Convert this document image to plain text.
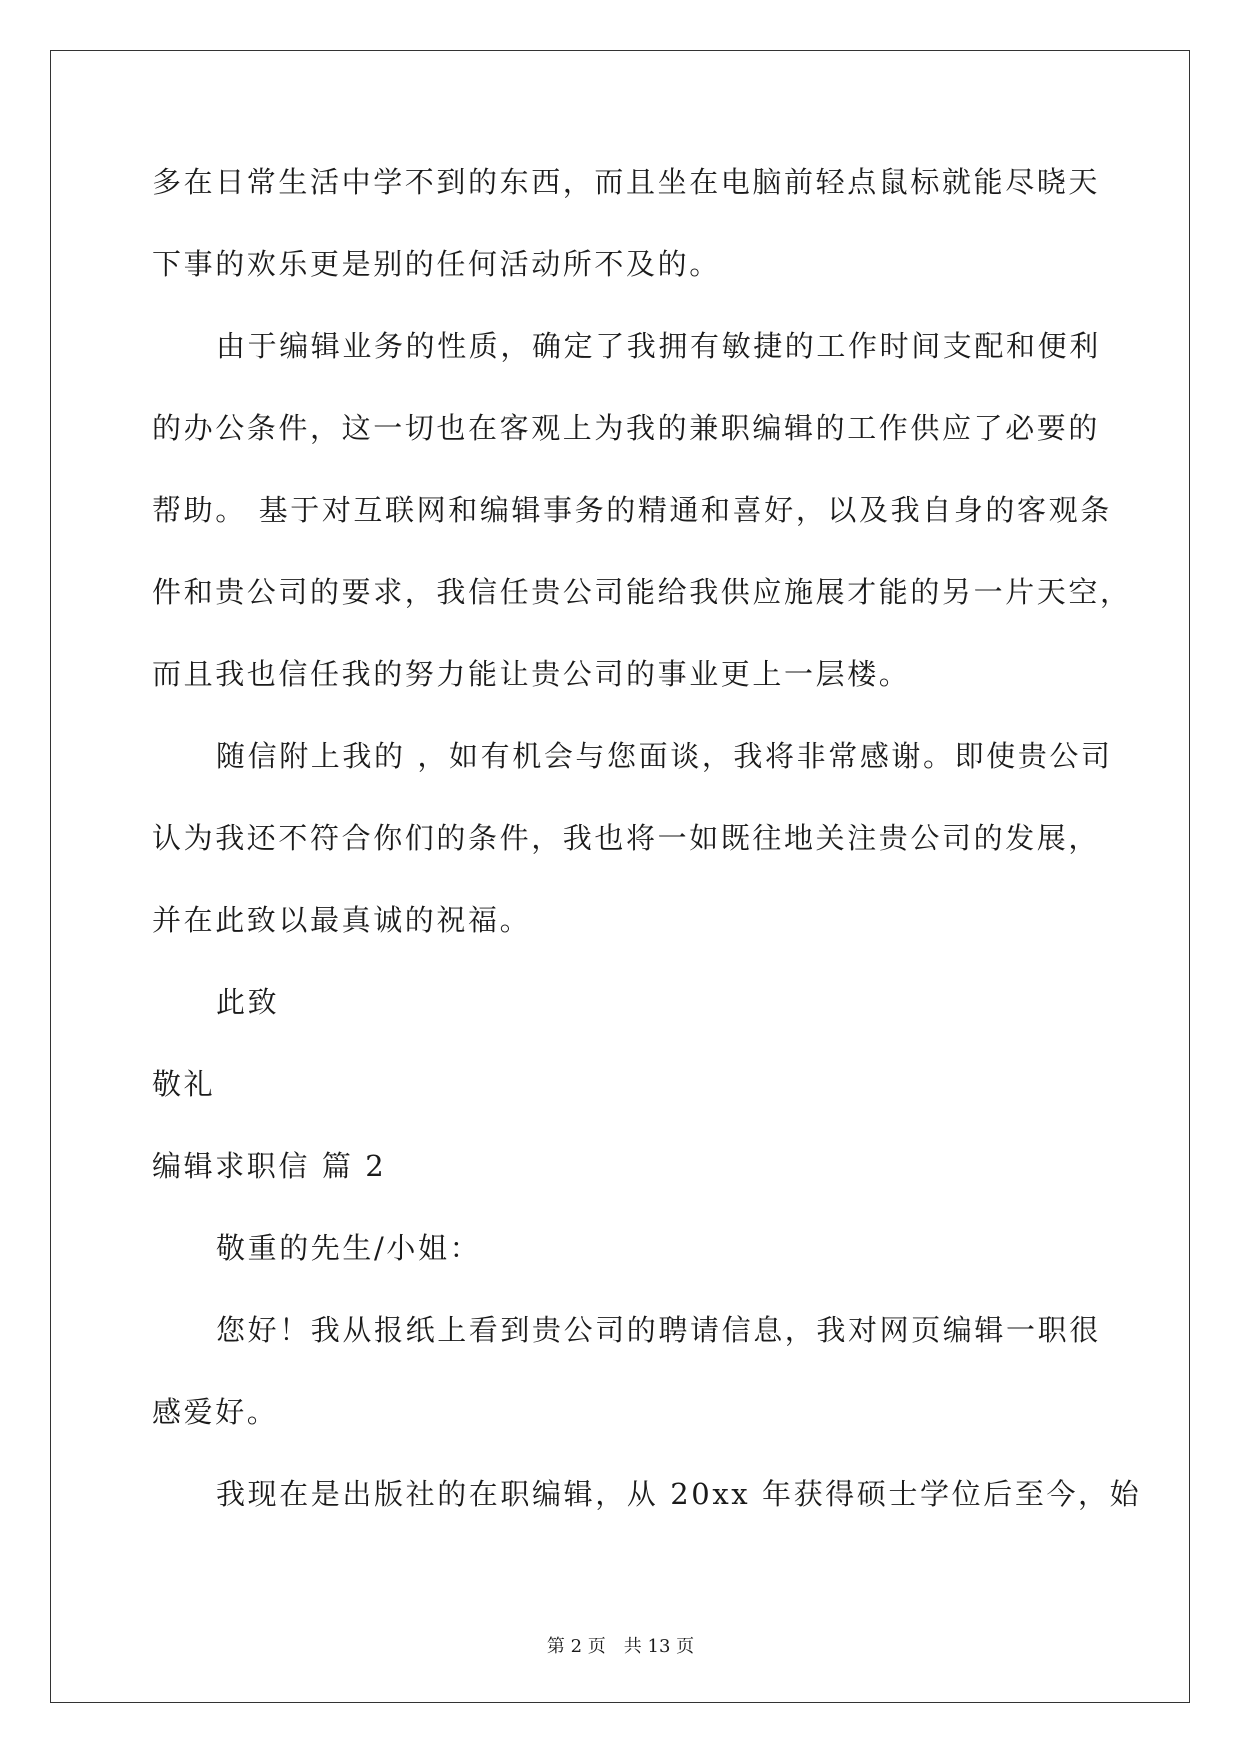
多在日常生活中学不到的东西，而且坐在电脑前轻点鼠标就能尽晓天
下事的欢乐更是别的任何活动所不及的。
由于编辑业务的性质，确定了我拥有敏捷的工作时间支配和便利
的办公条件，这一切也在客观上为我的兼职编辑的工作供应了必要的
帮助。 基于对互联网和编辑事务的精通和喜好，以及我自身的客观条
件和贵公司的要求，我信任贵公司能给我供应施展才能的另一片天空，
而且我也信任我的努力能让贵公司的事业更上一层楼。
随信附上我的 ，如有机会与您面谈，我将非常感谢。即使贵公司
认为我还不符合你们的条件，我也将一如既往地关注贵公司的发展，
并在此致以最真诚的祝福。
此致
敬礼
编辑求职信 篇 2
敬重的先生/小姐：
您好！我从报纸上看到贵公司的聘请信息，我对网页编辑一职很
感爱好。
我现在是出版社的在职编辑，从 20xx 年获得硕士学位后至今，始
第 2 页 共 13 页
